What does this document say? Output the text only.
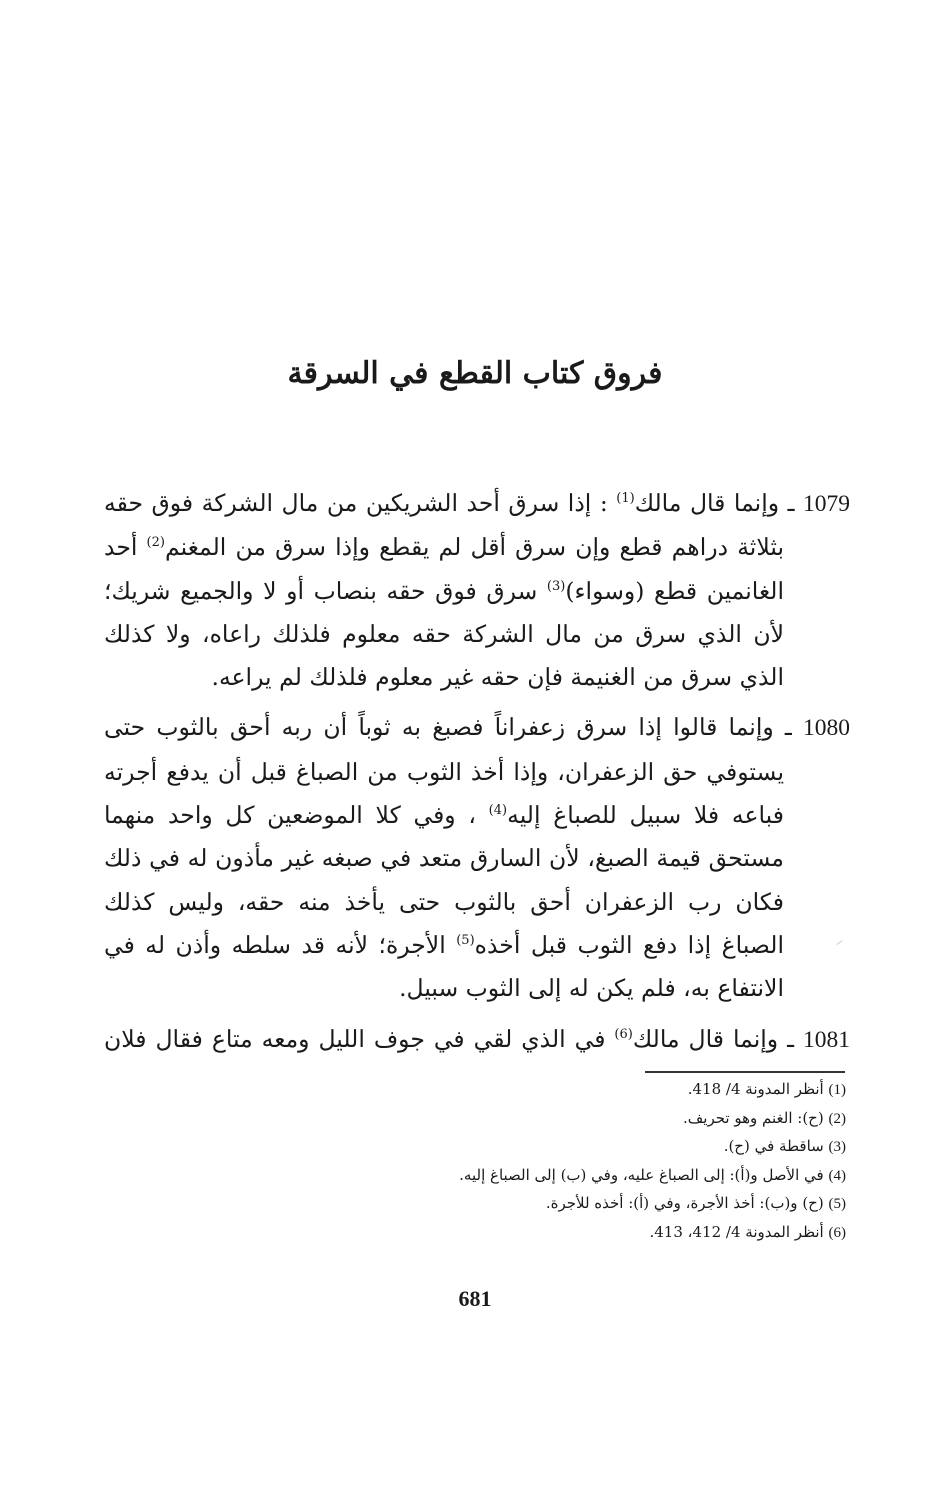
فروق كتاب القطع في السرقة

1079 ـ وإنما قال مالك$^{(1)}$ : إذا سرق أحد الشريكين من مال الشركة فوق حقه بثلاثة دراهم قطع وإن سرق أقل لم يقطع وإذا سرق من المغنم$^{(2)}$ أحد الغانمين قطع (وسواء)$^{(3)}$ سرق فوق حقه بنصاب أو لا والجميع شريك؛ لأن الذي سرق من مال الشركة حقه معلوم فلذلك راعاه، ولا كذلك الذي سرق من الغنيمة فإن حقه غير معلوم فلذلك لم يراعه.

1080 ـ وإنما قالوا إذا سرق زعفراناً فصبغ به ثوباً أن ربه أحق بالثوب حتى يستوفي حق الزعفران، وإذا أخذ الثوب من الصباغ قبل أن يدفع أجرته فباعه فلا سبيل للصباغ إليه$^{(4)}$ ، وفي كلا الموضعين كل واحد منهما مستحق قيمة الصبغ، لأن السارق متعد في صبغه غير مأذون له في ذلك فكان رب الزعفران أحق بالثوب حتى يأخذ منه حقه، وليس كذلك الصباغ إذا دفع الثوب قبل أخذه$^{(5)}$ الأجرة؛ لأنه قد سلطه وأذن له في الانتفاع به، فلم يكن له إلى الثوب سبيل.

1081 ـ وإنما قال مالك$^{(6)}$ في الذي لقي في جوف الليل ومعه متاع فقال فلان

(1) أنظر المدونة 4/ 418.
(2) (ح): الغنم وهو تحريف.
(3) ساقطة في (ح).
(4) في الأصل و(أ): إلى الصباغ عليه، وفي (ب) إلى الصباغ إليه.
(5) (ح) و(ب): أخذ الأجرة، وفي (أ): أخذه للأجرة.
(6) أنظر المدونة 4/ 412، 413.
681
